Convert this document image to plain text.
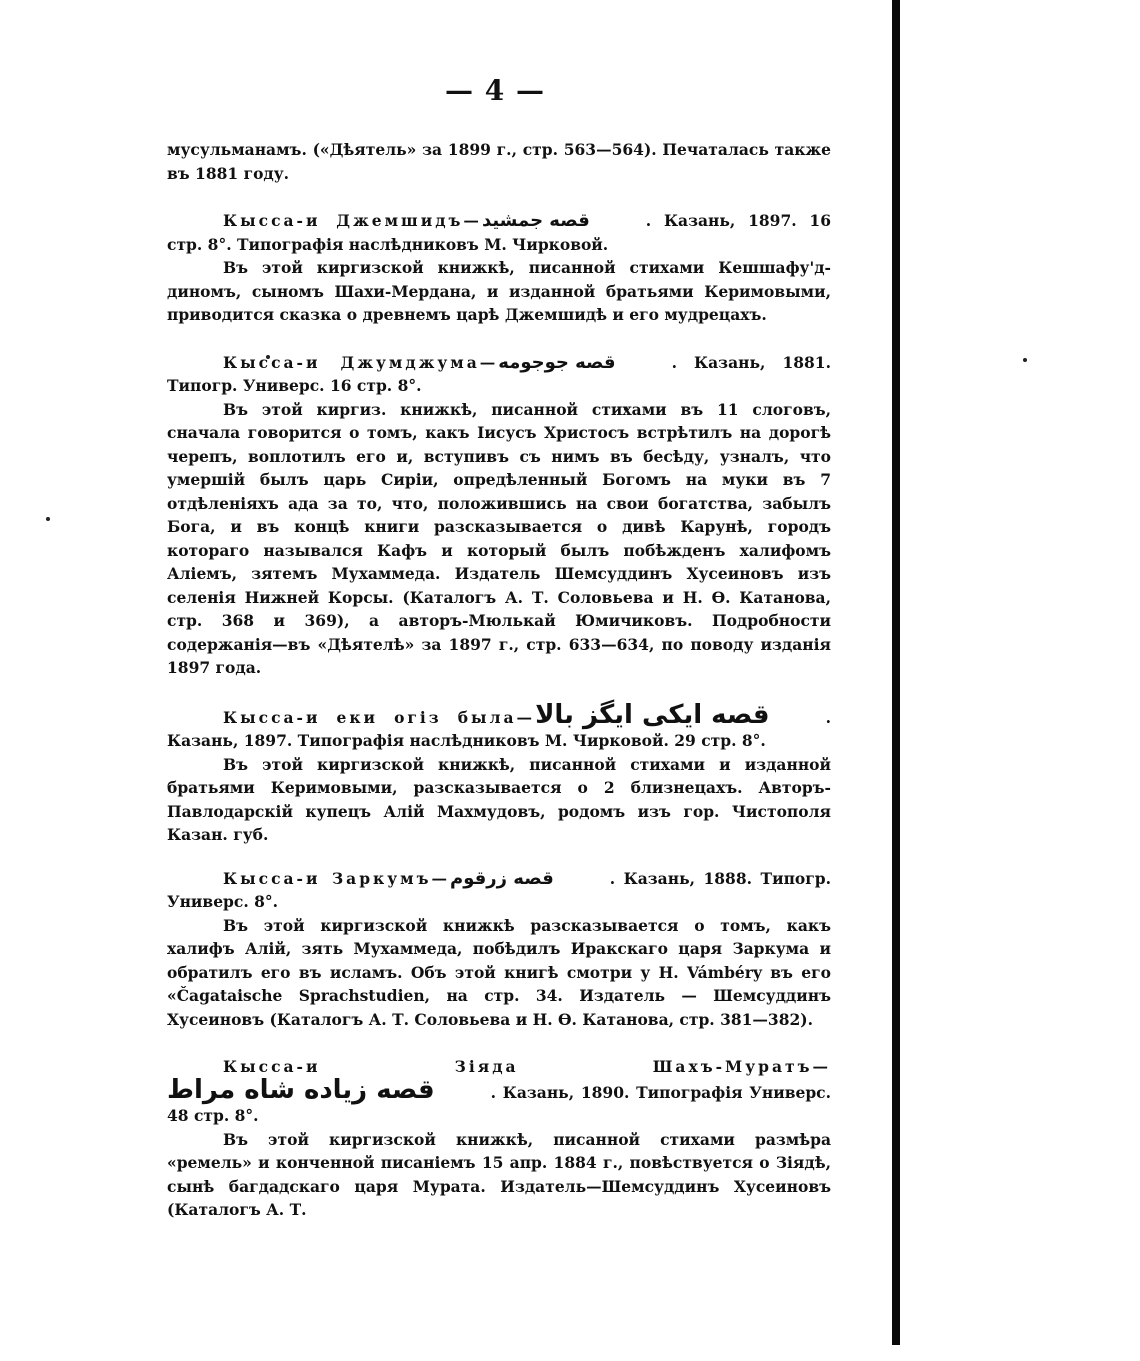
— 4 —

мусульманамъ. («Дѣятель» за 1899 г., стр. 563—564). Печаталась также въ 1881 году.

Кысса-и Джемшидъ—قصه جمشيد	. Казань, 1897. 16 стр. 8°. Типографія наслѣдниковъ М. Чирковой.

Въ этой киргизской книжкѣ, писанной стихами Кешшафу'д-диномъ, сыномъ Шахи-Мердана, и изданной братьями Керимовыми, приводится сказка о древнемъ царѣ Джемшидѣ и его мудрецахъ.

Кысса-и Джумджума—قصه جوجومه	. Казань, 1881. Типогр. Универс. 16 стр. 8°.

Въ этой киргиз. книжкѣ, писанной стихами въ 11 слоговъ, сначала говорится о томъ, какъ Іисусъ Христосъ встрѣтилъ на дорогѣ черепъ, воплотилъ его и, вступивъ съ нимъ въ бесѣду, узналъ, что умершій былъ царь Сиріи, опредѣленный Богомъ на муки въ 7 отдѣленіяхъ ада за то, что, положившись на свои богатства, забылъ Бога, и въ концѣ книги разсказывается о дивѣ Карунѣ, городъ котораго назывался Кафъ и который былъ побѣжденъ халифомъ Аліемъ, зятемъ Мухаммеда. Издатель Шемсуддинъ Хусеиновъ изъ селенія Нижней Корсы. (Каталогъ А. Т. Соловьева и Н. Ѳ. Катанова, стр. 368 и 369), а авторъ-Мюлькай Юмичиковъ. Подробности содержанія—въ «Дѣятелѣ» за 1897 г., стр. 633—634, по поводу изданія 1897 года.

Кысса-и еки огiз былa—قصه ايكى ايگز بالا	. Казань, 1897. Типографія наслѣдниковъ М. Чирковой. 29 стр. 8°.

Въ этой киргизской книжкѣ, писанной стихами и изданной братьями Керимовыми, разсказывается о 2 близнецахъ. Авторъ-Павлодарскій купецъ Алій Махмудовъ, родомъ изъ гор. Чистополя Казан. губ.

Кысса-и Заркумъ—قصه زرقوم	. Казань, 1888. Типогр. Универс. 8°.

Въ этой киргизской книжкѣ разсказывается о томъ, какъ халифъ Алій, зять Мухаммеда, побѣдилъ Иракскаго царя Заркума и обратилъ его въ исламъ. Объ этой книгѣ смотри у H. Vámbéry въ его «Čagataische Sprachstudien, на стр. 34. Издатель — Шемсуддинъ Хусеиновъ (Каталогъ А. Т. Соловьева и Н. Ѳ. Катанова, стр. 381—382).

Кысса-и Зiядa Шахъ-Муратъ—قصه زياده شاه مراط	. Казань, 1890. Типографія Универс. 48 стр. 8°.

Въ этой киргизской книжкѣ, писанной стихами размѣра «ремель» и конченной писаніемъ 15 апр. 1884 г., повѣствуется о Зiядѣ, сынѣ багдадскаго царя Мурата. Издатель—Шемсуддинъ Хусеиновъ (Каталогъ А. Т.
